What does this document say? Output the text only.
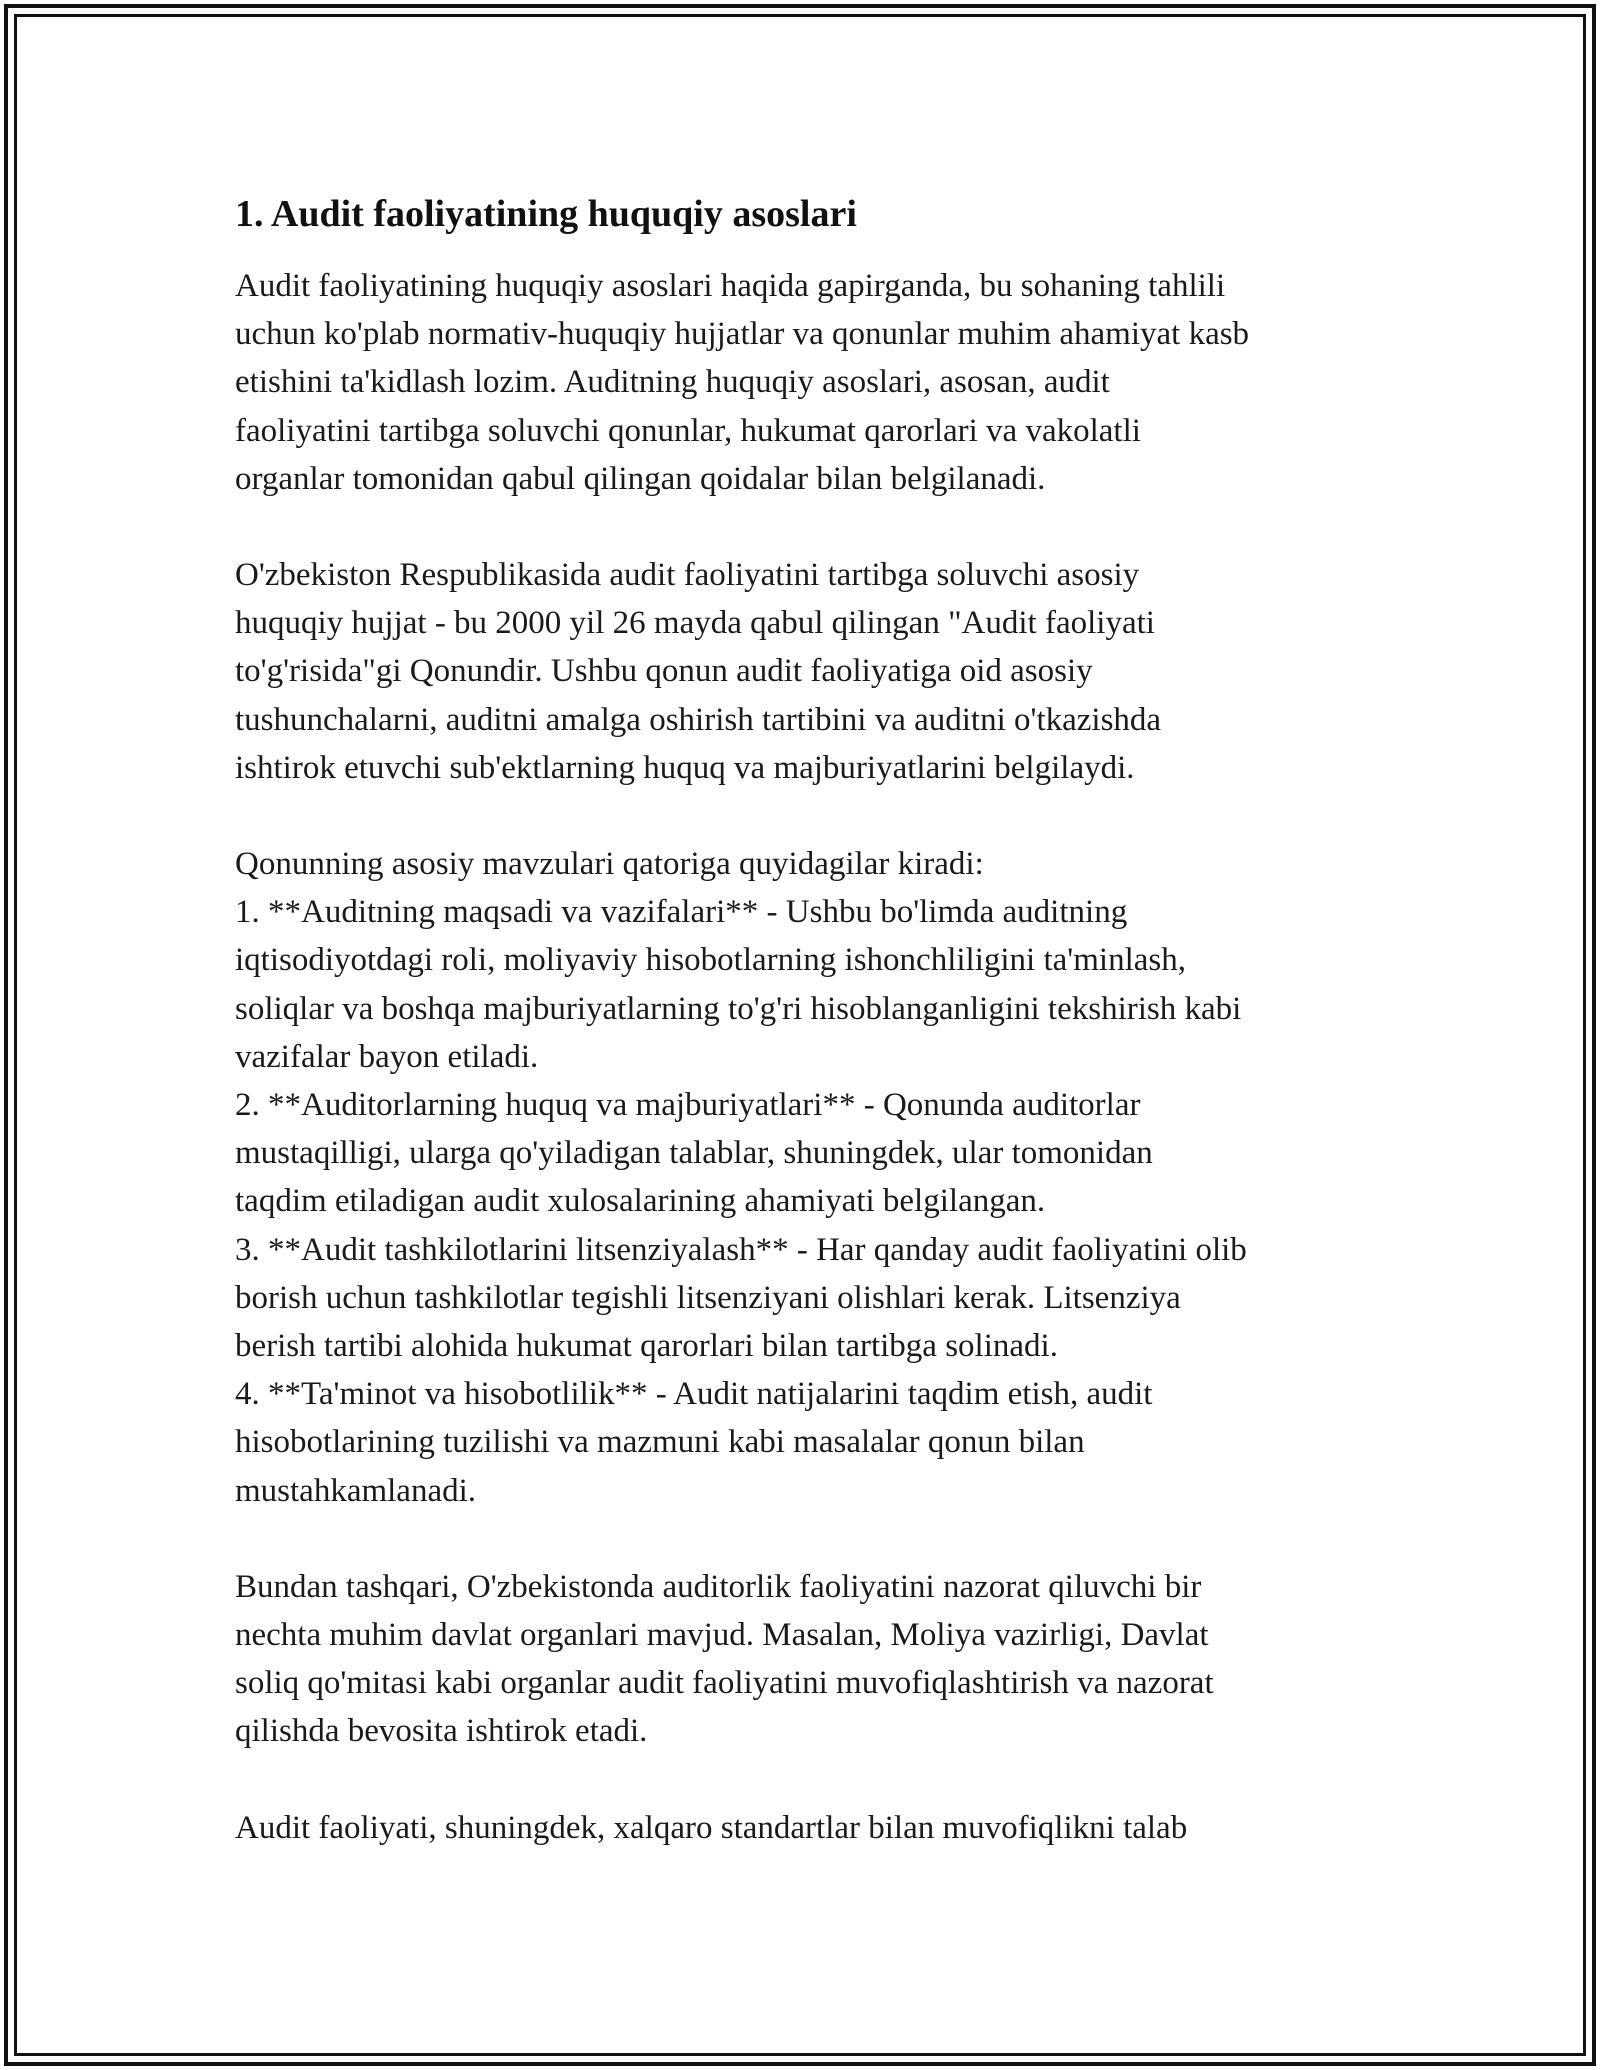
1. Audit faoliyatining huquqiy asoslari

Audit faoliyatining huquqiy asoslari haqida gapirganda, bu sohaning tahlili
uchun ko'plab normativ-huquqiy hujjatlar va qonunlar muhim ahamiyat kasb
etishini ta'kidlash lozim. Auditning huquqiy asoslari, asosan, audit
faoliyatini tartibga soluvchi qonunlar, hukumat qarorlari va vakolatli
organlar tomonidan qabul qilingan qoidalar bilan belgilanadi.

O'zbekiston Respublikasida audit faoliyatini tartibga soluvchi asosiy
huquqiy hujjat - bu 2000 yil 26 mayda qabul qilingan "Audit faoliyati
to'g'risida"gi Qonundir. Ushbu qonun audit faoliyatiga oid asosiy
tushunchalarni, auditni amalga oshirish tartibini va auditni o'tkazishda
ishtirok etuvchi sub'ektlarning huquq va majburiyatlarini belgilaydi.

Qonunning asosiy mavzulari qatoriga quyidagilar kiradi:

1. **Auditning maqsadi va vazifalari** - Ushbu bo'limda auditning
iqtisodiyotdagi roli, moliyaviy hisobotlarning ishonchliligini ta'minlash,
soliqlar va boshqa majburiyatlarning to'g'ri hisoblanganligini tekshirish kabi
vazifalar bayon etiladi.

2. **Auditorlarning huquq va majburiyatlari** - Qonunda auditorlar
mustaqilligi, ularga qo'yiladigan talablar, shuningdek, ular tomonidan
taqdim etiladigan audit xulosalarining ahamiyati belgilangan.

3. **Audit tashkilotlarini litsenziyalash** - Har qanday audit faoliyatini olib
borish uchun tashkilotlar tegishli litsenziyani olishlari kerak. Litsenziya
berish tartibi alohida hukumat qarorlari bilan tartibga solinadi.

4. **Ta'minot va hisobotlilik** - Audit natijalarini taqdim etish, audit
hisobotlarining tuzilishi va mazmuni kabi masalalar qonun bilan
mustahkamlanadi.

Bundan tashqari, O'zbekistonda auditorlik faoliyatini nazorat qiluvchi bir
nechta muhim davlat organlari mavjud. Masalan, Moliya vazirligi, Davlat
soliq qo'mitasi kabi organlar audit faoliyatini muvofiqlashtirish va nazorat
qilishda bevosita ishtirok etadi.

Audit faoliyati, shuningdek, xalqaro standartlar bilan muvofiqlikni talab
